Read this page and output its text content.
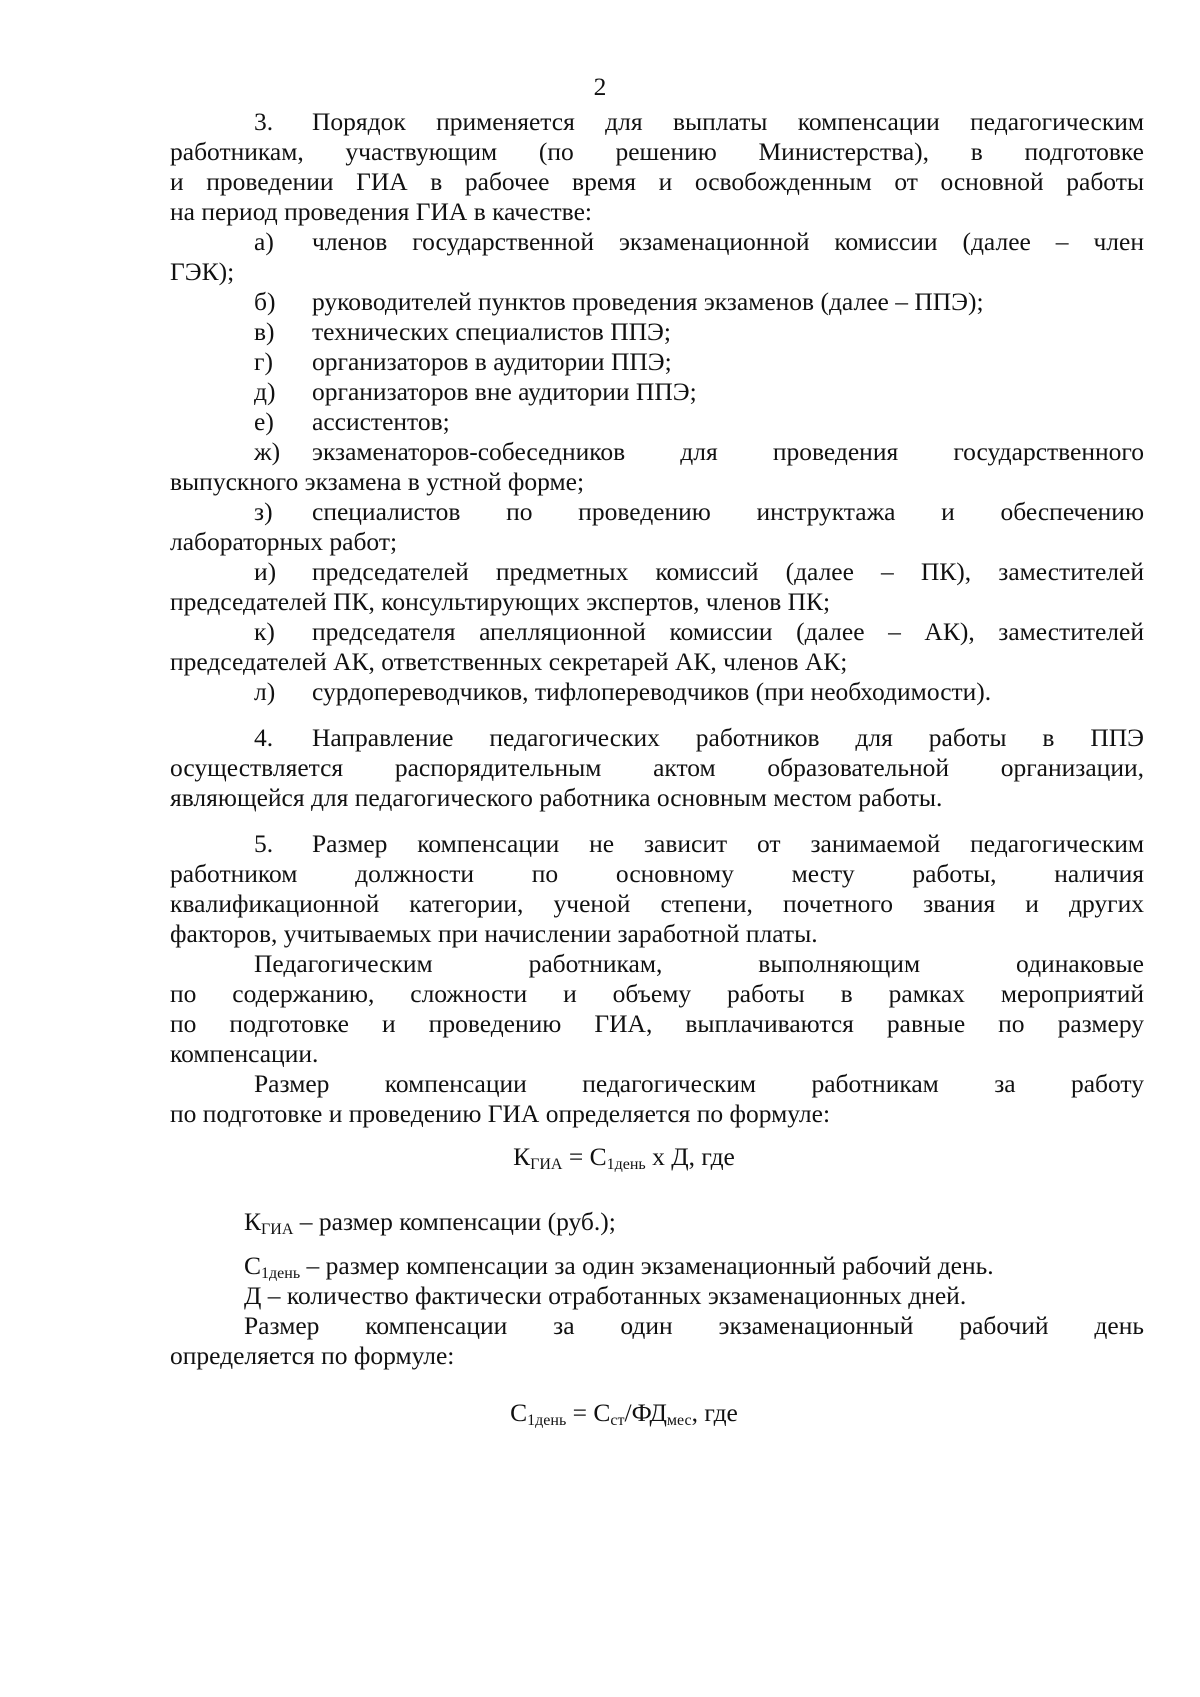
2
3. Порядок применяется для выплаты компенсации педагогическим
работникам, участвующим (по решению Министерства), в подготовке
и проведении ГИА в рабочее время и освобожденным от основной работы
на период проведения ГИА в качестве:
а) членов государственной экзаменационной комиссии (далее – член
ГЭК);
б) руководителей пунктов проведения экзаменов (далее – ППЭ);
в) технических специалистов ППЭ;
г) организаторов в аудитории ППЭ;
д) организаторов вне аудитории ППЭ;
е) ассистентов;
ж) экзаменаторов-собеседников для проведения государственного
выпускного экзамена в устной форме;
з) специалистов по проведению инструктажа и обеспечению
лабораторных работ;
и) председателей предметных комиссий (далее – ПК), заместителей
председателей ПК, консультирующих экспертов, членов ПК;
к) председателя апелляционной комиссии (далее – АК), заместителей
председателей АК, ответственных секретарей АК, членов АК;
л) сурдопереводчиков, тифлопереводчиков (при необходимости).
4. Направление педагогических работников для работы в ППЭ
осуществляется распорядительным актом образовательной организации,
являющейся для педагогического работника основным местом работы.
5. Размер компенсации не зависит от занимаемой педагогическим
работником должности по основному месту работы, наличия
квалификационной категории, ученой степени, почетного звания и других
факторов, учитываемых при начислении заработной платы.
Педагогическим работникам, выполняющим одинаковые
по содержанию, сложности и объему работы в рамках мероприятий
по подготовке и проведению ГИА, выплачиваются равные по размеру
компенсации.
Размер компенсации педагогическим работникам за работу
по подготовке и проведению ГИА определяется по формуле:
$К_{ГИА} = С_{1день}$ х Д, где
$К_{ГИА}$ – размер компенсации (руб.);
$С_{1день}$ – размер компенсации за один экзаменационный рабочий день.
Д – количество фактически отработанных экзаменационных дней.
Размер компенсации за один экзаменационный рабочий день
определяется по формуле:
$С_{1день} = С_{ст}/ФД_{мес}$, где
